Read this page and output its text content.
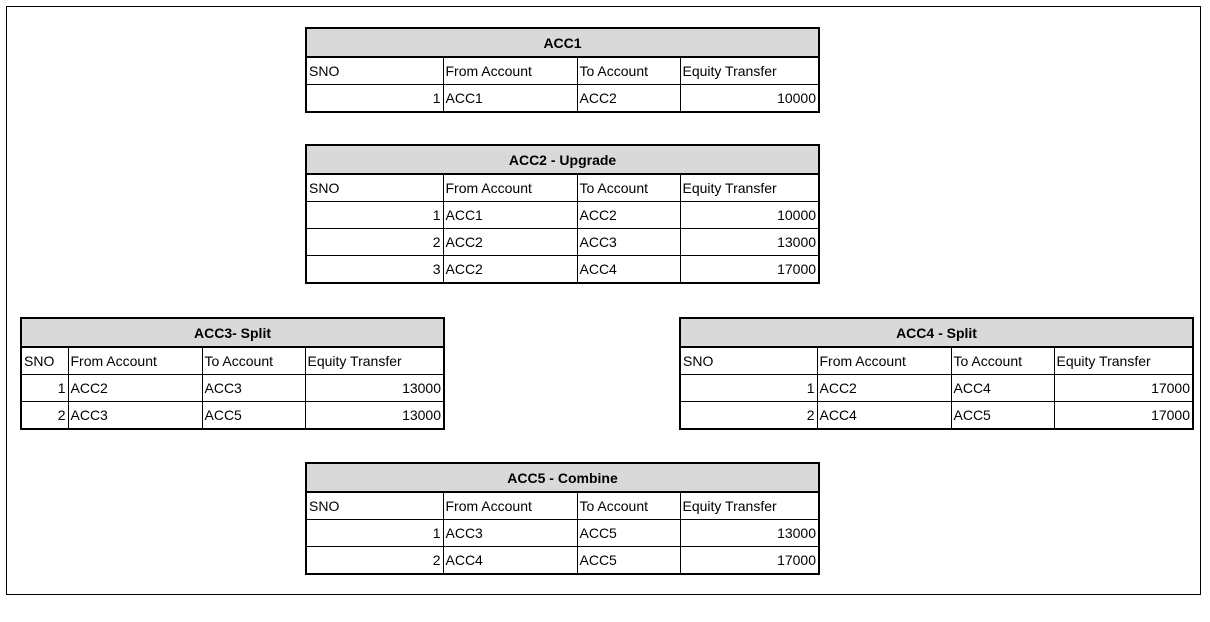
ACC1			
SNO	From Account	To Account	Equity Transfer
1	ACC1	ACC2	10000
ACC2 - Upgrade			
SNO	From Account	To Account	Equity Transfer
1	ACC1	ACC2	10000
2	ACC2	ACC3	13000
3	ACC2	ACC4	17000
ACC3- Split			
SNO	From Account	To Account	Equity Transfer
1	ACC2	ACC3	13000
2	ACC3	ACC5	13000
ACC4 - Split			
SNO	From Account	To Account	Equity Transfer
1	ACC2	ACC4	17000
2	ACC4	ACC5	17000
ACC5 - Combine			
SNO	From Account	To Account	Equity Transfer
1	ACC3	ACC5	13000
2	ACC4	ACC5	17000
